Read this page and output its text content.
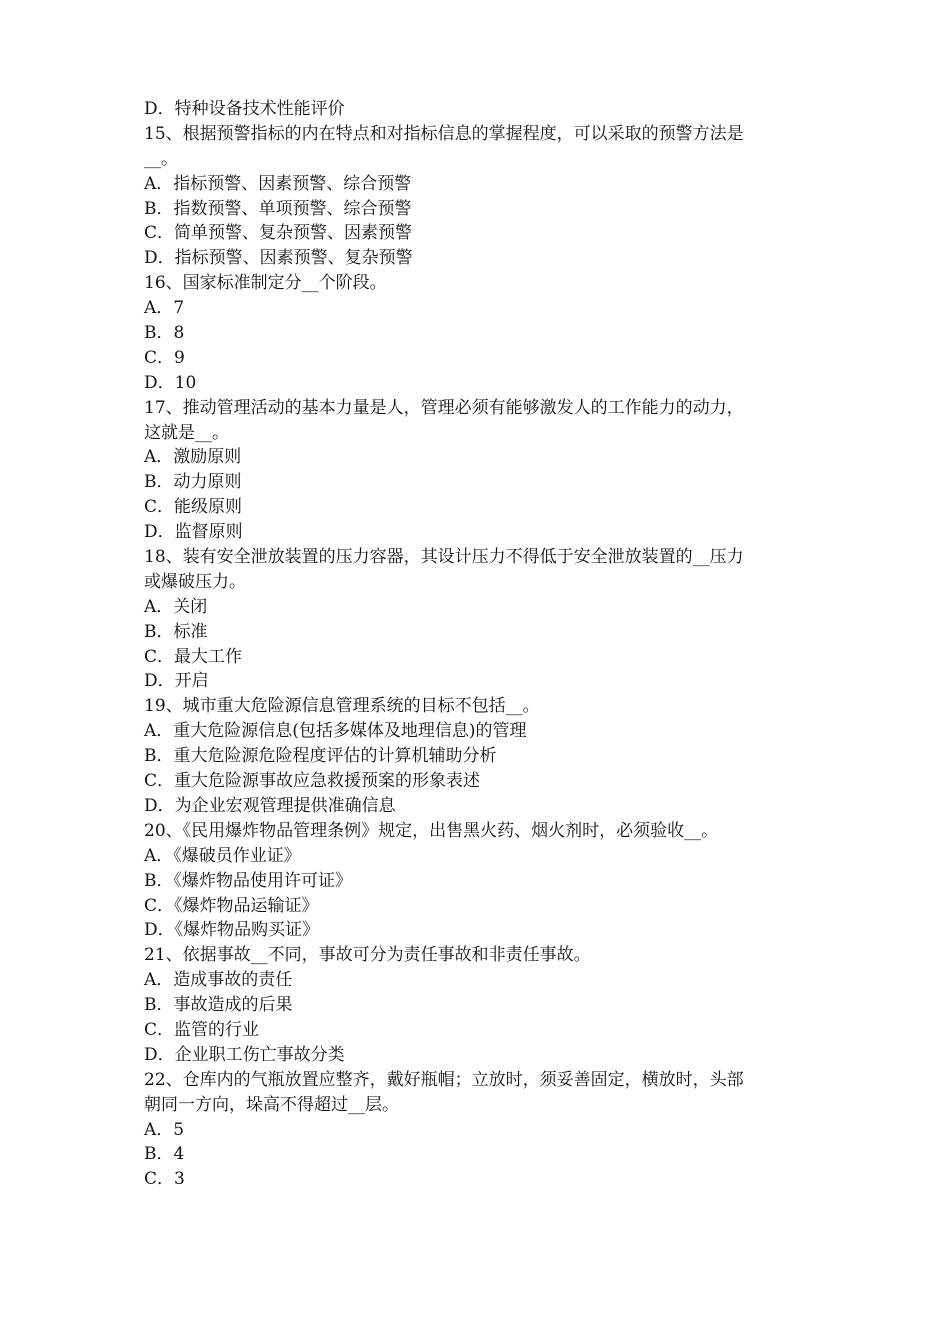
D．特种设备技术性能评价
15、根据预警指标的内在特点和对指标信息的掌握程度，可以采取的预警方法是
__。
A．指标预警、因素预警、综合预警
B．指数预警、单项预警、综合预警
C．简单预警、复杂预警、因素预警
D．指标预警、因素预警、复杂预警
16、国家标准制定分__个阶段。
A．7
B．8
C．9
D．10
17、推动管理活动的基本力量是人，管理必须有能够激发人的工作能力的动力，
这就是__。
A．激励原则
B．动力原则
C．能级原则
D．监督原则
18、装有安全泄放装置的压力容器，其设计压力不得低于安全泄放装置的__压力
或爆破压力。
A．关闭
B．标准
C．最大工作
D．开启
19、城市重大危险源信息管理系统的目标不包括__。
A．重大危险源信息(包括多媒体及地理信息)的管理
B．重大危险源危险程度评估的计算机辅助分析
C．重大危险源事故应急救援预案的形象表述
D．为企业宏观管理提供准确信息
20、《民用爆炸物品管理条例》规定，出售黑火药、烟火剂时，必须验收__。
A．《爆破员作业证》
B．《爆炸物品使用许可证》
C．《爆炸物品运输证》
D．《爆炸物品购买证》
21、依据事故__不同，事故可分为责任事故和非责任事故。
A．造成事故的责任
B．事故造成的后果
C．监管的行业
D．企业职工伤亡事故分类
22、仓库内的气瓶放置应整齐，戴好瓶帽；立放时，须妥善固定，横放时，头部
朝同一方向，垛高不得超过__层。
A．5
B．4
C．3
